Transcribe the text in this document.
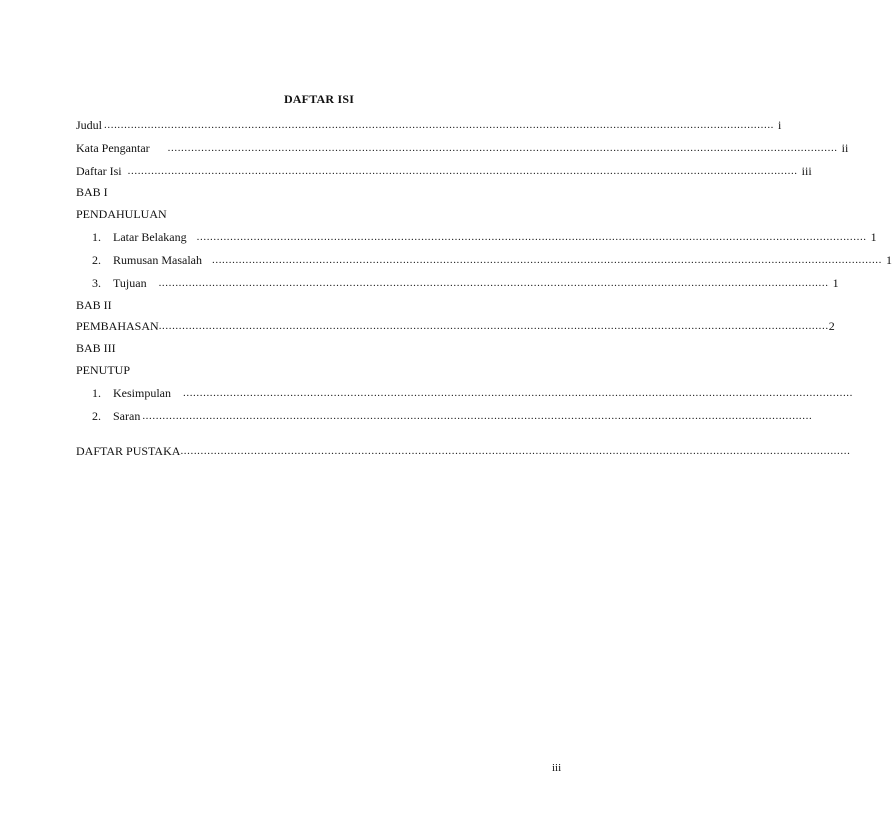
DAFTAR ISI
Judul ........................................................................................................................................................................................................ i
Kata Pengantar ........................................................................................................................................................................................................ ii
Daftar Isi ........................................................................................................................................................................................................ iii
BAB I
PENDAHULUAN
1. Latar Belakang ........................................................................................................................................................................................................ 1
2. Rumusan Masalah ........................................................................................................................................................................................................ 1
3. Tujuan ........................................................................................................................................................................................................ 1
BAB II
PEMBAHASAN ........................................................................................................................................................................................................ 2
BAB III
PENUTUP
1. Kesimpulan ........................................................................................................................................................................................................
2. Saran ........................................................................................................................................................................................................
DAFTAR PUSTAKA ........................................................................................................................................................................................................
iii
